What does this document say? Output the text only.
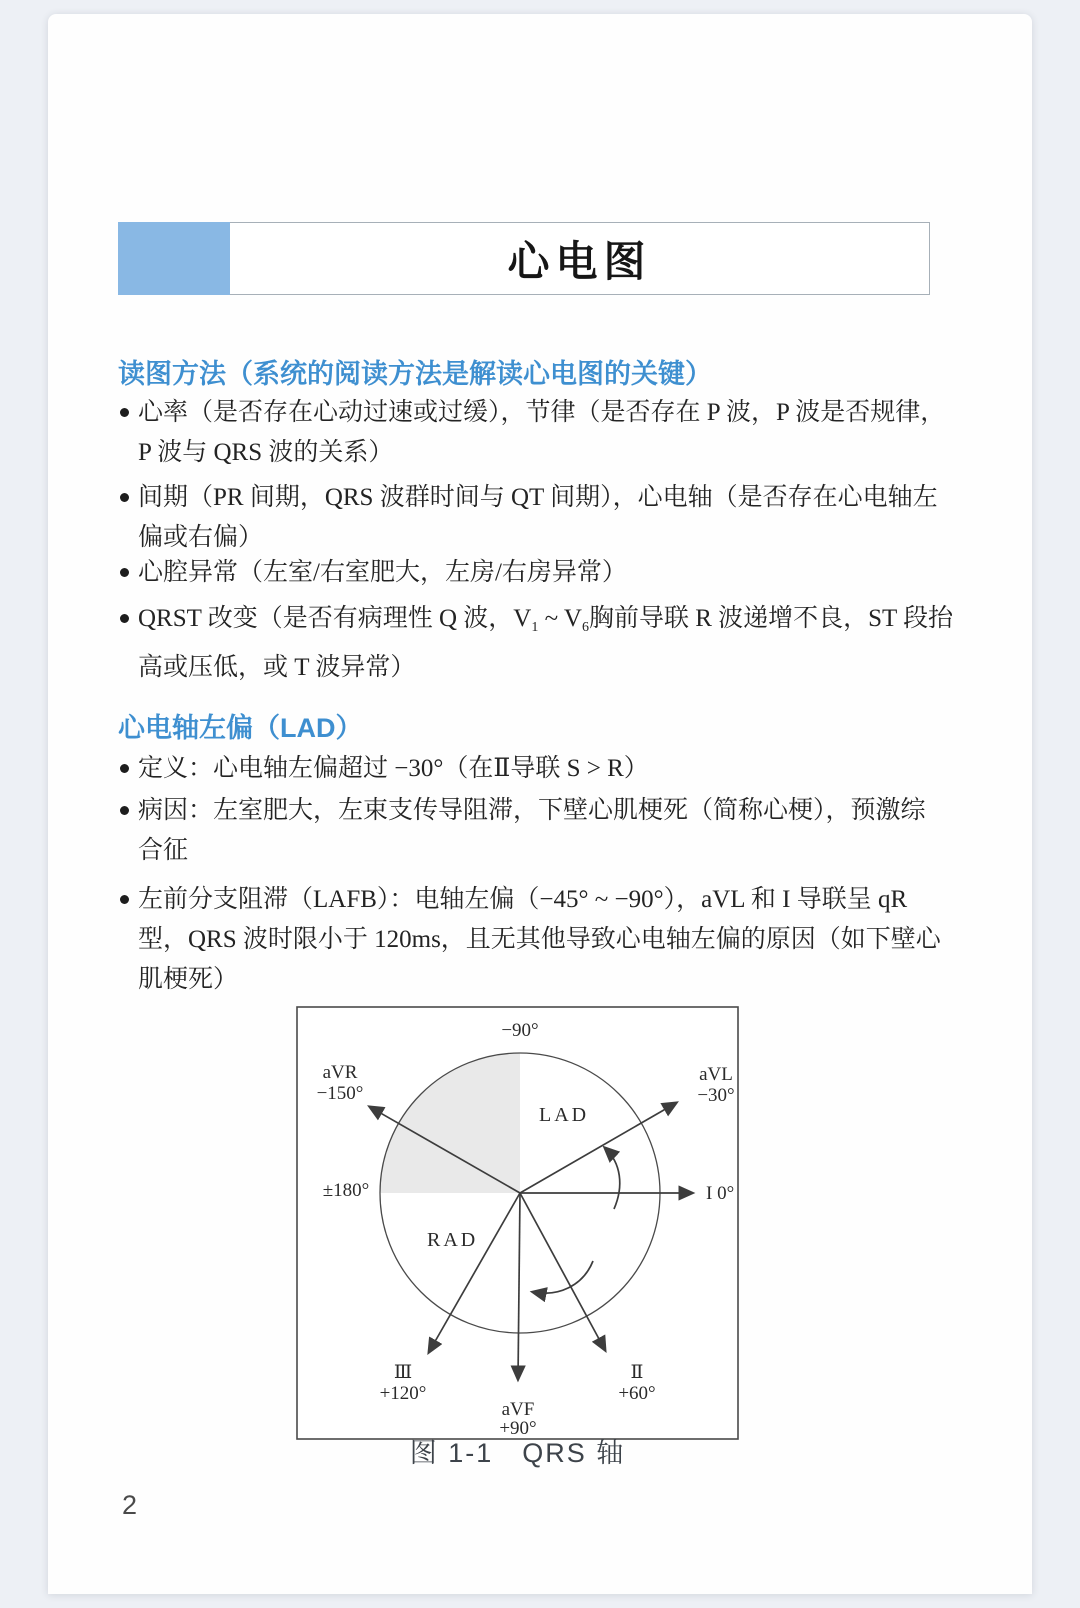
心电图
读图方法（系统的阅读方法是解读心电图的关键）
心率（是否存在心动过速或过缓），节律（是否存在 P 波，P 波是否规律，
P 波与 QRS 波的关系）
间期（PR 间期，QRS 波群时间与 QT 间期），心电轴（是否存在心电轴左
偏或右偏）
心腔异常（左室/右室肥大，左房/右房异常）
QRST 改变（是否有病理性 Q 波，$V_1$ ~ $V_6$胸前导联 R 波递增不良，ST 段抬
高或压低，或 T 波异常）
心电轴左偏（LAD）
定义：心电轴左偏超过 −30°（在Ⅱ导联 S > R）
病因：左室肥大，左束支传导阻滞，下壁心肌梗死（简称心梗），预激综
合征
左前分支阻滞（LAFB）：电轴左偏（−45° ~ −90°），aVL 和 I 导联呈 qR
型，QRS 波时限小于 120ms，且无其他导致心电轴左偏的原因（如下壁心
肌梗死）
−90°
aVR
−150°
aVL
−30°
±180°	I 0°
LAD
RAD
Ⅲ
+120°
aVF
+90°
Ⅱ
+60°
图 1-1　QRS 轴
2
